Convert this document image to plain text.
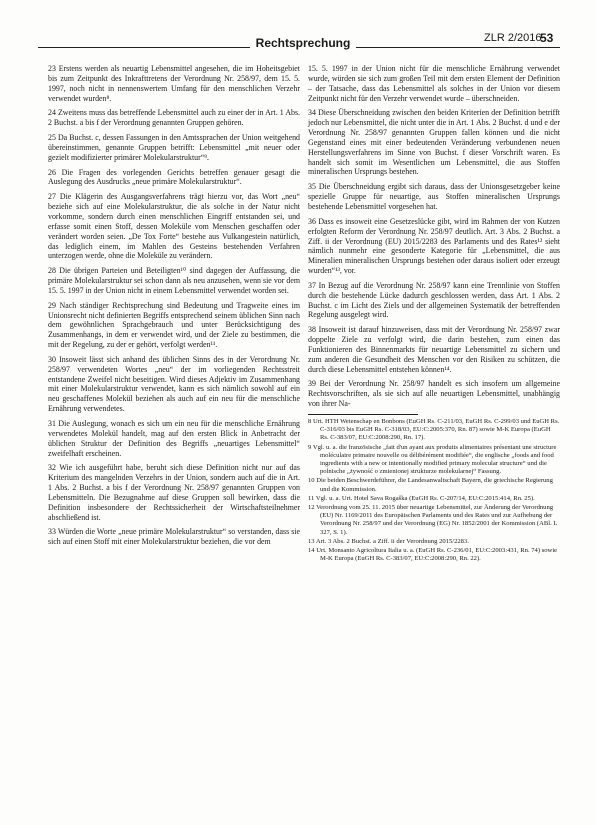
Rechtsprechung	ZLR 2/2016
53

23 Erstens werden als neuartig Lebensmittel angesehen, die im Hoheitsgebiet bis zum Zeitpunkt des Inkrafttretens der Verordnung Nr. 258/97, dem 15. 5. 1997, noch nicht in nennenswertem Umfang für den menschlichen Verzehr verwendet wurden⁸.

24 Zweitens muss das betreffende Lebensmittel auch zu einer der in Art. 1 Abs. 2 Buchst. a bis f der Verordnung genannten Gruppen gehören.

25 Da Buchst. c, dessen Fassungen in den Amtssprachen der Union weitgehend übereinstimmen, genannte Gruppen betrifft: Lebensmittel „mit neuer oder gezielt modifizierter primärer Molekularstruktur“⁹.

26 Die Fragen des vorlegenden Gerichts betreffen genauer gesagt die Auslegung des Ausdrucks „neue primäre Molekularstruktur“.

27 Die Klägerin des Ausgangsverfahrens trägt hierzu vor, das Wort „neu“ beziehe sich auf eine Molekularstruktur, die als solche in der Natur nicht vorkomme, sondern durch einen menschlichen Eingriff entstanden sei, und erfasse somit einen Stoff, dessen Moleküle vom Menschen geschaffen oder verändert worden seien. „De Tox Forte“ bestehe aus Vulkangestein natürlich, das lediglich einem, im Mahlen des Gesteins bestehenden Verfahren unterzogen werde, ohne die Moleküle zu verändern.

28 Die übrigen Parteien und Beteiligten¹⁰ sind dagegen der Auffassung, die primäre Molekularstruktur sei schon dann als neu anzusehen, wenn sie vor dem 15. 5. 1997 in der Union nicht in einem Lebensmittel verwendet worden sei.

29 Nach ständiger Rechtsprechung sind Bedeutung und Tragweite eines im Unionsrecht nicht definierten Begriffs entsprechend seinem üblichen Sinn nach dem gewöhnlichen Sprachgebrauch und unter Berücksichtigung des Zusammenhangs, in dem er verwendet wird, und der Ziele zu bestimmen, die mit der Regelung, zu der er gehört, verfolgt werden¹¹.

30 Insoweit lässt sich anhand des üblichen Sinns des in der Verordnung Nr. 258/97 verwendeten Wortes „neu“ der im vorliegenden Rechtsstreit entstandene Zweifel nicht beseitigen. Wird dieses Adjektiv im Zusammenhang mit einer Molekularstruktur verwendet, kann es sich nämlich sowohl auf ein neu geschaffenes Molekül beziehen als auch auf ein neu für die menschliche Ernährung verwendetes.

31 Die Auslegung, wonach es sich um ein neu für die menschliche Ernährung verwendetes Molekül handelt, mag auf den ersten Blick in Anbetracht der üblichen Struktur der Definition des Begriffs „neuartiges Lebensmittel“ zweifelhaft erscheinen.

32 Wie ich ausgeführt habe, beruht sich diese Definition nicht nur auf das Kriterium des mangelnden Verzehrs in der Union, sondern auch auf die in Art. 1 Abs. 2 Buchst. a bis f der Verordnung Nr. 258/97 genannten Gruppen von Lebensmitteln. Die Bezugnahme auf diese Gruppen soll bewirken, dass die Definition insbesondere der Rechtssicherheit der Wirtschaftsteilnehmer abschließend ist.

33 Würden die Worte „neue primäre Molekularstruktur“ so verstanden, dass sie sich auf einen Stoff mit einer Molekularstruktur beziehen, die vor dem

15. 5. 1997 in der Union nicht für die menschliche Ernährung verwendet wurde, würden sie sich zum großen Teil mit dem ersten Element der Definition – der Tatsache, dass das Lebensmittel als solches in der Union vor diesem Zeitpunkt nicht für den Verzehr verwendet wurde – überschneiden.

34 Diese Überschneidung zwischen den beiden Kriterien der Definition betrifft jedoch nur Lebensmittel, die nicht unter die in Art. 1 Abs. 2 Buchst. d und e der Verordnung Nr. 258/97 genannten Gruppen fallen können und die nicht Gegenstand eines mit einer bedeutenden Veränderung verbundenen neuen Herstellungsverfahrens im Sinne von Buchst. f dieser Vorschrift waren. Es handelt sich somit im Wesentlichen um Lebensmittel, die aus Stoffen mineralischen Ursprungs bestehen.

35 Die Überschneidung ergibt sich daraus, dass der Unionsgesetzgeber keine spezielle Gruppe für neuartige, aus Stoffen mineralischen Ursprungs bestehende Lebensmittel vorgesehen hat.

36 Dass es insoweit eine Gesetzeslücke gibt, wird im Rahmen der von Kutzen erfolgten Reform der Verordnung Nr. 258/97 deutlich. Art. 3 Abs. 2 Buchst. a Ziff. ii der Verordnung (EU) 2015/2283 des Parlaments und des Rates¹² sieht nämlich nunmehr eine gesonderte Kategorie für „Lebensmittel, die aus Mineralien mineralischen Ursprungs bestehen oder daraus isoliert oder erzeugt wurden“¹³, vor.

37 In Bezug auf die Verordnung Nr. 258/97 kann eine Trennlinie von Stoffen durch die bestehende Lücke dadurch geschlossen werden, dass Art. 1 Abs. 2 Buchst. c im Licht des Ziels und der allgemeinen Systematik der betreffenden Regelung ausgelegt wird.

38 Insoweit ist darauf hinzuweisen, dass mit der Verordnung Nr. 258/97 zwar doppelte Ziele zu verfolgt wird, die darin bestehen, zum einen das Funktionieren des Binnenmarkts für neuartige Lebensmittel zu sichern und zum anderen die Gesundheit des Menschen vor den Risiken zu schützen, die durch diese Lebensmittel entstehen können¹⁴.

39 Bei der Verordnung Nr. 258/97 handelt es sich insofern um allgemeine Rechtsvorschriften, als sie sich auf alle neuartigen Lebensmittel, unabhängig von ihrer Na-

8 Urt. HTH Wetenschap en Bonbons (EuGH Rs. C-211/03, EuGH Rs. C-299/03 und EuGH Rs. C-316/03 bis EuGH Rs. C-318/03, EU:C:2005:370, Rn. 87) sowie M-K Europa (EuGH Rs. C-383/07, EU:C:2008:290, Rn. 17).

9 Vgl. u. a. die französische „fait d'un ayant aux produits alimentaires présentant une structure moléculaire primaire nouvelle ou délibérément modifiée“, die englische „foods and food ingredients with a new or intentionally modified primary molecular structure“ und die polnische „żywność o zmienionej strukturze molekularnej“ Fassung.

10 Die beiden Beschwerdeführer, die Landesanwaltschaft Bayern, die griechische Regierung und die Kommission.

11 Vgl. u. a. Urt. Hotel Sava Rogaška (EuGH Rs. C-207/14, EU:C:2015:414, Rn. 25).

12 Verordnung vom 25. 11. 2015 über neuartige Lebensmittel, zur Änderung der Verordnung (EU) Nr. 1169/2011 des Europäischen Parlaments und des Rates und zur Aufhebung der Verordnung Nr. 258/97 und der Verordnung (EG) Nr. 1852/2001 der Kommission (ABl. L 327, S. 1).

13 Art. 3 Abs. 2 Buchst. a Ziff. ii der Verordnung 2015/2283.

14 Urt. Monsanto Agricoltura Italia u. a. (EuGH Rs. C-236/01, EU:C:2003:431, Rn. 74) sowie M-K Europa (EuGH Rs. C-383/07, EU:C:2008:290, Rn. 22).
